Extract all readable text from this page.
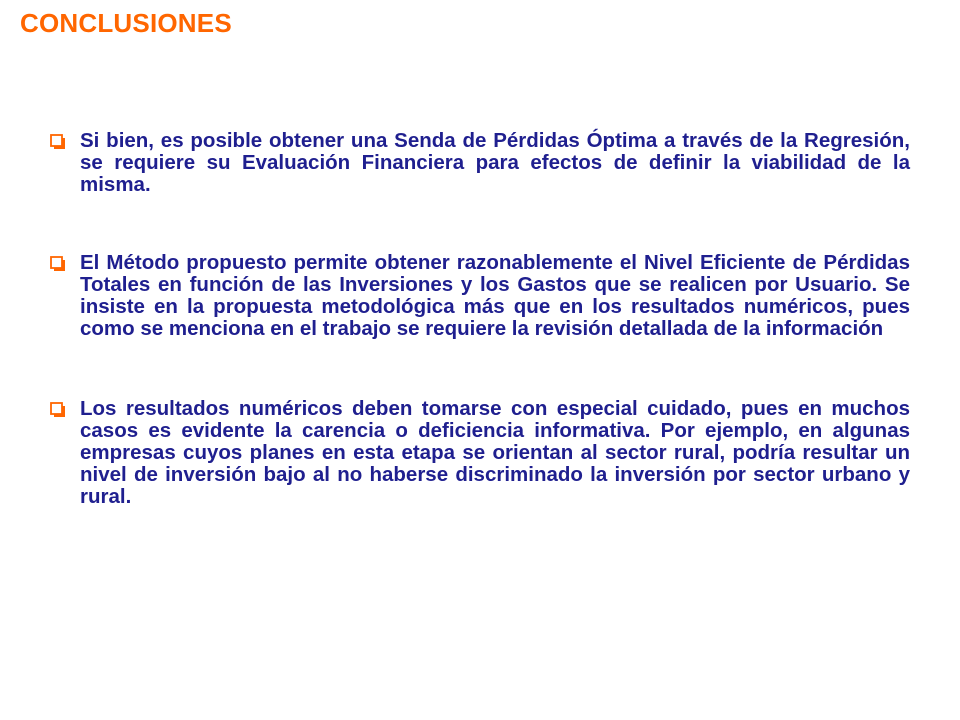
CONCLUSIONES
Si bien, es posible obtener una Senda de Pérdidas Óptima a través de la Regresión, se requiere su Evaluación Financiera para efectos de definir la viabilidad de la misma.
El Método propuesto permite obtener razonablemente el Nivel Eficiente de Pérdidas Totales en función de las Inversiones y los Gastos que se realicen por Usuario. Se insiste en la propuesta metodológica más que en los resultados numéricos, pues como se menciona en el trabajo se requiere la revisión detallada de la información
Los resultados numéricos deben tomarse con especial cuidado, pues en muchos casos es evidente la carencia o deficiencia informativa. Por ejemplo, en algunas empresas cuyos planes en esta etapa se orientan al sector rural, podría resultar un nivel de inversión bajo al no haberse discriminado la inversión por sector urbano y rural.
